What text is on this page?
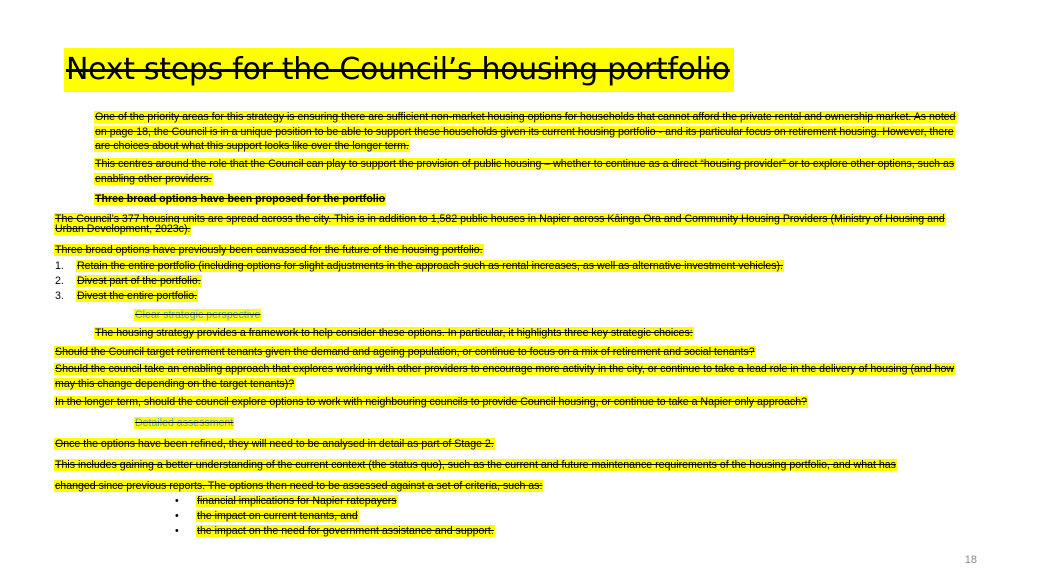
Next steps for the Council’s housing portfolio
One of the priority areas for this strategy is ensuring there are sufficient non-market housing options for households that cannot afford the private rental and ownership market. As noted on page 18, the Council is in a unique position to be able to support these households given its current housing portfolio - and its particular focus on retirement housing. However, there are choices about what this support looks like over the longer term.
This centres around the role that the Council can play to support the provision of public housing – whether to continue as a direct “housing provider” or to explore other options, such as enabling other providers.
Three broad options have been proposed for the portfolio
The Council’s 377 housing units are spread across the city. This is in addition to 1,582 public houses in Napier across Kāinga Ora and Community Housing Providers (Ministry of Housing and Urban Development, 2023c).
Three broad options have previously been canvassed for the future of the housing portfolio.
1. Retain the entire portfolio (including options for slight adjustments in the approach such as rental increases, as well as alternative investment vehicles).
2. Divest part of the portfolio.
3. Divest the entire portfolio.
Clear strategic perspective
The housing strategy provides a framework to help consider these options. In particular, it highlights three key strategic choices:
Should the Council target retirement tenants given the demand and ageing population, or continue to focus on a mix of retirement and social tenants?
Should the council take an enabling approach that explores working with other providers to encourage more activity in the city, or continue to take a lead role in the delivery of housing (and how may this change depending on the target tenants)?
In the longer term, should the council explore options to work with neighbouring councils to provide Council housing, or continue to take a Napier only approach?
Detailed assessment
Once the options have been refined, they will need to be analysed in detail as part of Stage 2.
This includes gaining a better understanding of the current context (the status quo), such as the current and future maintenance requirements of the housing portfolio, and what has
changed since previous reports. The options then need to be assessed against a set of criteria, such as:
• financial implications for Napier ratepayers
• the impact on current tenants, and
• the impact on the need for government assistance and support.
18
